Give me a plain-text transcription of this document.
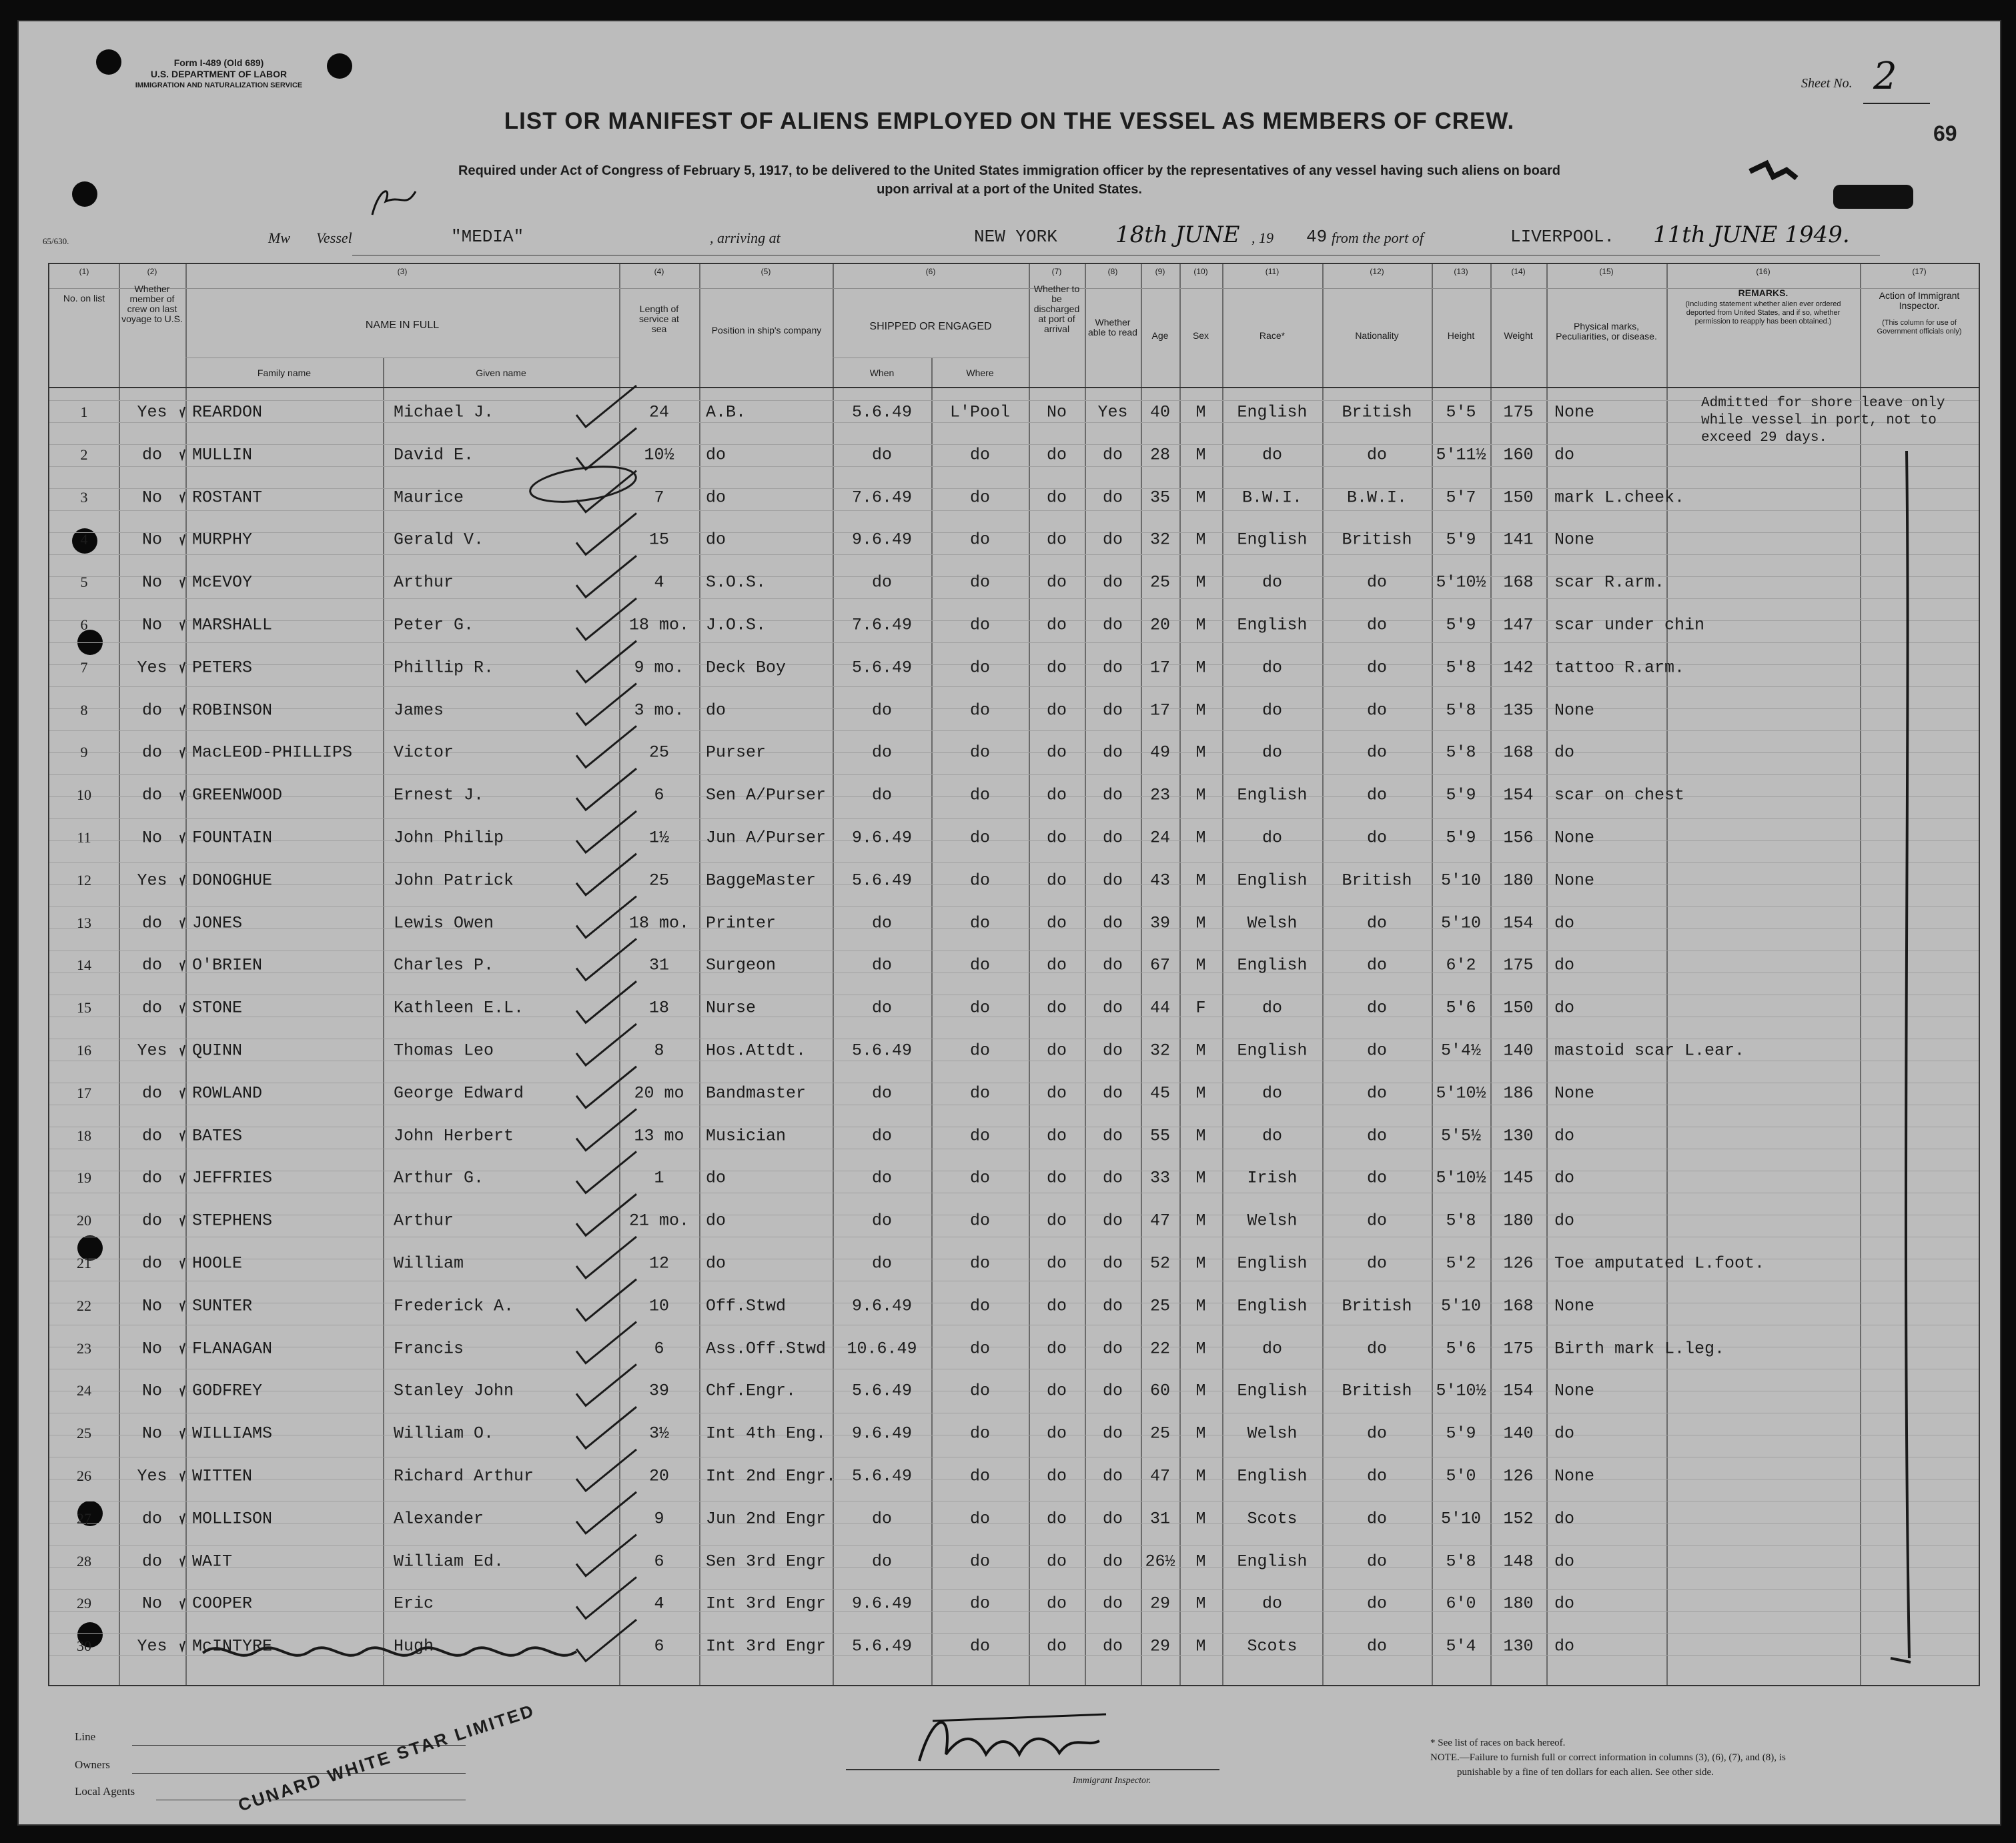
Form I-489 (Old 689)
U.S. DEPARTMENT OF LABOR
IMMIGRATION AND NATURALIZATION SERVICE	Sheet No. 2
69
LIST OR MANIFEST OF ALIENS EMPLOYED ON THE VESSEL AS MEMBERS OF CREW.
Required under Act of Congress of February 5, 1917, to be delivered to the United States immigration officer by the representatives of any vessel having such aliens on board
upon arrival at a port of the United States.
65/630.	Mw Vessel	"MEDIA"	, arriving at	NEW YORK	18th JUNE , 19 49 from the port of	LIVERPOOL. 11th JUNE 1949.
(1)	(2)	(3)	(4)	(5)	(6)	(7)	(8)	(9)	(10)	(11)	(12)	(13)	(14)	(15)	(16)	(17)
No. on list
Whether member of crew on last voyage to U.S.
NAME IN FULL
Family name	Given name
Length of service at sea	Position in ship's company	SHIPPED OR ENGAGED
When	Where
Whether to be discharged at port of arrival
Whether able to read	Age	Sex	Race*	Nationality	Height	Weight
Physical marks, Peculiarities, or disease.
REMARKS.
(Including statement whether alien ever ordered deported from United States, and if so, whether permission to reapply has been obtained.)
Action of Immigrant Inspector.
(This column for use of Government officials only)
1	Yes	REARDON	Michael J.	24	A.B.	5.6.49	L'Pool	No	Yes	40	M	English	British	5'5	175	None
2	do	MULLIN	David E.	10½	do	do	do	do	do	28	M	do	do	5'11½	160	do
3	No	ROSTANT	Maurice	7	do	7.6.49	do	do	do	35	M	B.W.I.	B.W.I.	5'7	150	mark L.cheek.
4	No	MURPHY	Gerald V.	15	do	9.6.49	do	do	do	32	M	English	British	5'9	141	None
5	No	McEVOY	Arthur	4	S.O.S.	do	do	do	do	25	M	do	do	5'10½	168	scar R.arm.
6	No	MARSHALL	Peter G.	18 mo.	J.O.S.	7.6.49	do	do	do	20	M	English	do	5'9	147	scar under chin
7	Yes	PETERS	Phillip R.	9 mo.	Deck Boy	5.6.49	do	do	do	17	M	do	do	5'8	142	tattoo R.arm.
8	do	ROBINSON	James	3 mo.	do	do	do	do	do	17	M	do	do	5'8	135	None
9	do	MacLEOD-PHILLIPS Victor	25	Purser	do	do	do	do	49	M	do	do	5'8	168	do
10	do	GREENWOOD	Ernest J.	6	Sen A/Purser	do	do	do	do	23	M	English	do	5'9	154	scar on chest
11	No	FOUNTAIN	John Philip	1½	Jun A/Purser	9.6.49	do	do	do	24	M	do	do	5'9	156	None
12	Yes	DONOGHUE	John Patrick	25	BaggeMaster	5.6.49	do	do	do	43	M	English	British	5'10	180	None
13	do	JONES	Lewis Owen	18 mo.	Printer	do	do	do	do	39	M	Welsh	do	5'10	154	do
14	do	O'BRIEN	Charles P.	31	Surgeon	do	do	do	do	67	M	English	do	6'2	175	do
15	do	STONE	Kathleen E.L.	18	Nurse	do	do	do	do	44	F	do	do	5'6	150	do
16	Yes	QUINN	Thomas Leo	8	Hos.Attdt.	5.6.49	do	do	do	32	M	English	do	5'4½	140	mastoid scar L.ear.
17	do	ROWLAND	George Edward	20 mo	Bandmaster	do	do	do	do	45	M	do	do	5'10½	186	None
18	do	BATES	John Herbert	13 mo	Musician	do	do	do	do	55	M	do	do	5'5½	130	do
19	do	JEFFRIES	Arthur G.	1	do	do	do	do	do	33	M	Irish	do	5'10½	145	do
20	do	STEPHENS	Arthur	21 mo.	do	do	do	do	do	47	M	Welsh	do	5'8	180	do
21	do	HOOLE	William	12	do	do	do	do	do	52	M	English	do	5'2	126	Toe amputated L.foot.
22	No	SUNTER	Frederick A.	10	Off.Stwd	9.6.49	do	do	do	25	M	English	British	5'10	168	None
23	No	FLANAGAN	Francis	6	Ass.Off.Stwd	10.6.49	do	do	do	22	M	do	do	5'6	175	Birth mark L.leg.
24	No	GODFREY	Stanley John	39	Chf.Engr.	5.6.49	do	do	do	60	M	English	British	5'10½	154	None
25	No	WILLIAMS	William O.	3½	Int 4th Eng.	9.6.49	do	do	do	25	M	Welsh	do	5'9	140	do
26	Yes	WITTEN	Richard Arthur	20	Int 2nd Engr. 5.6.49	do	do	do	47	M	English	do	5'0	126	None
27	do	MOLLISON	Alexander	9	Jun 2nd Engr	do	do	do	do	31	M	Scots	do	5'10	152	do
28	do	WAIT	William Ed.	6	Sen 3rd Engr	do	do	do	do	26½	M	English	do	5'8	148	do
29	No	COOPER	Eric	4	Int 3rd Engr	9.6.49	do	do	do	29	M	do	do	6'0	180	do
30	Yes	McINTYRE	Hugh	6	Int 3rd Engr	5.6.49	do	do	do	29	M	Scots	do	5'4	130	do
Admitted for shore leave only while vessel in port, not to exceed 29 days.
Line
Owners
Local Agents	CUNARD WHITE STAR LIMITED	Immigrant Inspector.
* See list of races on back hereof.
NOTE.—Failure to furnish full or correct information in columns (3), (6), (7), and (8), is
punishable by a fine of ten dollars for each alien. See other side.
